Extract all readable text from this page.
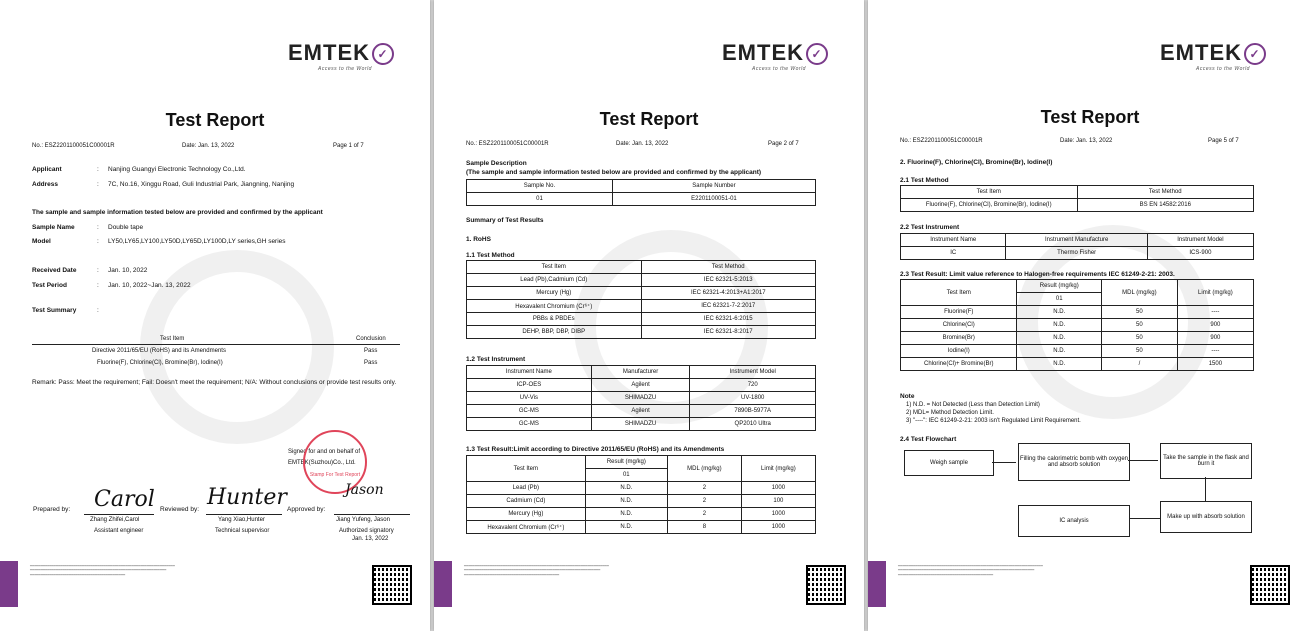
EMTEK ✓
Access to the World
Test Report
No.: ESZ2201100051C00001R	Date: Jan. 13, 2022	Page 1 of 7
Applicant	: Nanjing Guangyi Electronic Technology Co.,Ltd.
Address	: 7C, No.16, Xinggu Road, Guli Industrial Park, Jiangning, Nanjing
The sample and sample information tested below are provided and confirmed by the applicant
Sample Name	: Double tape
Model	: LY50,LY65,LY100,LY50D,LY65D,LY100D,LY series,GH series
Received Date	: Jan. 10, 2022
Test Period	: Jan. 10, 2022~Jan. 13, 2022
Test Summary	:
Test Item	Conclusion
Directive 2011/65/EU (RoHS) and its Amendments	Pass
Fluorine(F), Chlorine(Cl), Bromine(Br), Iodine(I)	Pass
Remark: Pass: Meet the requirement; Fail: Doesn't meet the requirement; N/A: Without conclusions or provide test results only.
Signed for and on behalf of
EMTEK(Suzhou)Co., Ltd.
Stamp For Test Report
Carol Hunter	Jason
Prepared by:	Reviewed by:	Approved by:
Zhang Zhifei,Carol
Assistant engineer
Yang Xiao,Hunter
Technical supervisor
Jiang Yufeng, Jason
Authorized signatory
Jan. 13, 2022
━━━━━━━━━━━━━━━━━━━━━━━━━━━━━━━━━━━━━━━━━━━━━━━━━━━━━━━━━━━━━━━━━━━
━━━━━━━━━━━━━━━━━━━━━━━━━━━━━━━━━━━━━━━━━━━━━━━━━━━━━━━━━━━━━━━
━━━━━━━━━━━━━━━━━━━━━━━━━━━━━━━━━━━━━━━━━━━━
EMTEK ✓
Access to the World
Test Report
No.: ESZ2201100051C00001R	Date: Jan. 13, 2022	Page 2 of 7
Sample Description
(The sample and sample information tested below are provided and confirmed by the applicant)
Sample No.	Sample Number
01	E2201100051-01
Summary of Test Results
1. RoHS
1.1 Test Method
Test Item	Test Method
Lead (Pb),Cadmium (Cd)	IEC 62321-5:2013
Mercury (Hg)	IEC 62321-4:2013+A1:2017
Hexavalent Chromium (Cr⁶⁺)	IEC 62321-7-2:2017
PBBs & PBDEs	IEC 62321-6:2015
DEHP, BBP, DBP, DIBP	IEC 62321-8:2017
1.2 Test Instrument
Instrument Name	Manufacturer	Instrument Model
ICP-OES	Agilent	720
UV-Vis	SHIMADZU	UV-1800
GC-MS	Agilent	7890B-5977A
GC-MS	SHIMADZU	QP2010 Ultra
1.3 Test Result:Limit according to Directive 2011/65/EU (RoHS) and its Amendments
Test Item	Result (mg/kg)	MDL (mg/kg)	Limit (mg/kg)
	01		
Lead (Pb)	N.D.	2	1000
Cadmium (Cd)	N.D.	2	100
Mercury (Hg)	N.D.	2	1000
Hexavalent Chromium (Cr⁶⁺)	N.D.	8	1000
━━━━━━━━━━━━━━━━━━━━━━━━━━━━━━━━━━━━━━━━━━━━━━━━━━━━━━━━━━━━━━━━━━━
━━━━━━━━━━━━━━━━━━━━━━━━━━━━━━━━━━━━━━━━━━━━━━━━━━━━━━━━━━━━━━━
━━━━━━━━━━━━━━━━━━━━━━━━━━━━━━━━━━━━━━━━━━━━
EMTEK ✓
Access to the World
Test Report
No.: ESZ2201100051C00001R	Date: Jan. 13, 2022	Page 5 of 7
2. Fluorine(F), Chlorine(Cl), Bromine(Br), Iodine(I)
2.1 Test Method
Test Item	Test Method
Fluorine(F), Chlorine(Cl), Bromine(Br), Iodine(I)	BS EN 14582:2016
2.2 Test Instrument
Instrument Name	Instrument Manufacture	Instrument Model
IC	Thermo Fisher	ICS-900
2.3 Test Result: Limit value reference to Halogen-free requirements IEC 61249-2-21: 2003.
Test Item	Result (mg/kg)	MDL (mg/kg)	Limit (mg/kg)
	01		
Fluorine(F)	N.D.	50	----
Chlorine(Cl)	N.D.	50	900
Bromine(Br)	N.D.	50	900
Iodine(I)	N.D.	50	----
Chlorine(Cl)+ Bromine(Br)	N.D.	/	1500
Note
1) N.D. = Not Detected (Less than Detection Limit)
2) MDL= Method Detection Limit.
3) "----": IEC 61249-2-21: 2003 isn't Regulated Limit Requirement.
2.4 Test Flowchart
Weigh sample
Filling the calorimetric bomb with oxygen and absorb solution
Take the sample in the flask and burn it
Make up with absorb solution
IC analysis
━━━━━━━━━━━━━━━━━━━━━━━━━━━━━━━━━━━━━━━━━━━━━━━━━━━━━━━━━━━━━━━━━━━
━━━━━━━━━━━━━━━━━━━━━━━━━━━━━━━━━━━━━━━━━━━━━━━━━━━━━━━━━━━━━━━
━━━━━━━━━━━━━━━━━━━━━━━━━━━━━━━━━━━━━━━━━━━━
